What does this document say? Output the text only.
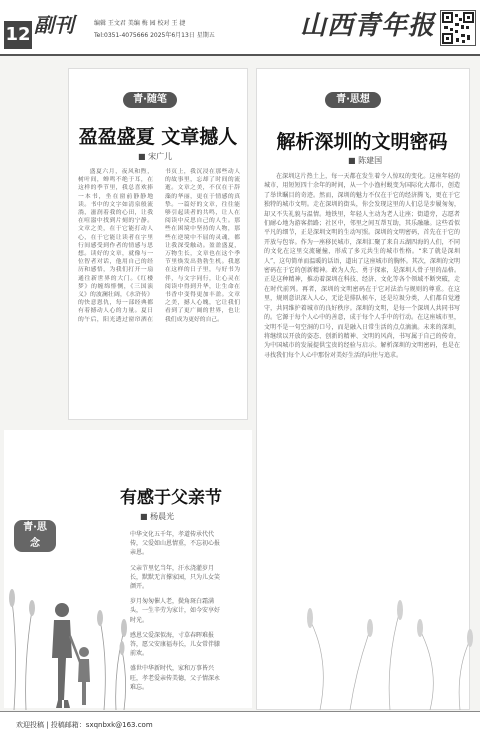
12 副刊	编辑 王文君 美编 梅 园 校对 王 捷
Tel:0351-4075666 2025年6月13日 星期五	山西青年报
青·随笔
盈盈盛夏 文章撼人
■ 宋广儿

盛夏六月，夜风和煦，树叶间，蝉鸣不绝于耳，在这样的季节里，我总喜欢捧一本书，坐在窗前静静地读。书中的文字如清泉般流淌，滋润着我的心田，让我在喧嚣中找到片刻的宁静。文章之美，在于它能打动人心，在于它能让读者在字里行间感受到作者的情感与思想。读好的文章，就像与一位智者对话，他用自己的经历和感悟，为我们打开一扇通往新世界的大门。《红楼梦》的缠绵悱恻，《三国演义》的波澜壮阔，《水浒传》的快意恩仇，每一部经典都有着撼动人心的力量。夏日的午后，阳光透过窗帘洒在书页上，我沉浸在那些动人的故事里，忘却了时间的流逝。文章之美，不仅在于辞藻的华丽，更在于情感的真挚。一篇好的文章，往往能够引起读者的共鸣，让人在阅读中反思自己的人生。那些在困境中坚持的人物，那些在逆境中不屈的灵魂，都让我深受触动。盈盈盛夏，万物生长，文章也在这个季节里焕发出勃勃生机。我愿在这样的日子里，与好书为伴，与文字同行，让心灵在阅读中得到升华，让生命在书香中变得更加丰盈。文章之美，撼人心魄，它让我们看到了更广阔的世界，也让我们成为更好的自己。

青·思想
解析深圳的文明密码
■ 陈建国

在深圳这片热土上，每一天都在发生着令人惊叹的变化。这座年轻的城市，用短短四十余年的时间，从一个小渔村蜕变为国际化大都市，创造了举世瞩目的奇迹。然而，深圳的魅力不仅在于它的经济腾飞，更在于它独特的城市文明。走在深圳的街头，你会发现这里的人们总是步履匆匆，却又不失礼貌与温情。地铁里，年轻人主动为老人让座；街道旁，志愿者们耐心地为游客指路；社区中，邻里之间互帮互助，其乐融融。这些看似平凡的细节，正是深圳文明的生动写照。深圳的文明密码，首先在于它的开放与包容。作为一座移民城市，深圳汇聚了来自五湖四海的人们，不同的文化在这里交流碰撞，形成了多元共生的城市性格。“来了就是深圳人”，这句简单而温暖的话语，道出了这座城市的胸怀。其次，深圳的文明密码在于它的创新精神。敢为人先、勇于探索，是深圳人骨子里的品格。正是这种精神，推动着深圳在科技、经济、文化等各个领域不断突破，走在时代前列。再者，深圳的文明密码在于它对法治与规则的尊重。在这里，规则意识深入人心，无论是排队候车，还是垃圾分类，人们都自觉遵守，共同维护着城市的良好秩序。深圳的文明，是每一个深圳人共同书写的。它源于每个人心中的善意，成于每个人手中的行动。在这座城市里，文明不是一句空洞的口号，而是融入日常生活的点点滴滴。未来的深圳，将继续以开放的姿态、创新的精神、文明的风尚，书写属于自己的传奇，为中国城市的发展提供宝贵的经验与启示。解析深圳的文明密码，也是在寻找我们每个人心中那份对美好生活的向往与追求。

有感于父亲节
青·思念
■ 杨晨光

中华文化五千年，孝道传承代代传，父爱如山恩情重，不忘初心报亲恩。

父亲节里忆当年，汗水浇灌岁月长，默默无言撑家园，只为儿女笑颜开。

岁月匆匆催人老，鬓角斑白霜满头，一生辛劳为家计，如今安享好时光。

感恩父爱深似海，寸草春晖难报答，愿父安康福寿长，儿女常伴膝前欢。

盛世中华新时代，家和万事皆兴旺，孝老爱亲传美德，父子情深永难忘。

欢迎投稿 | 投稿邮箱：sxqnbxk@163.com
